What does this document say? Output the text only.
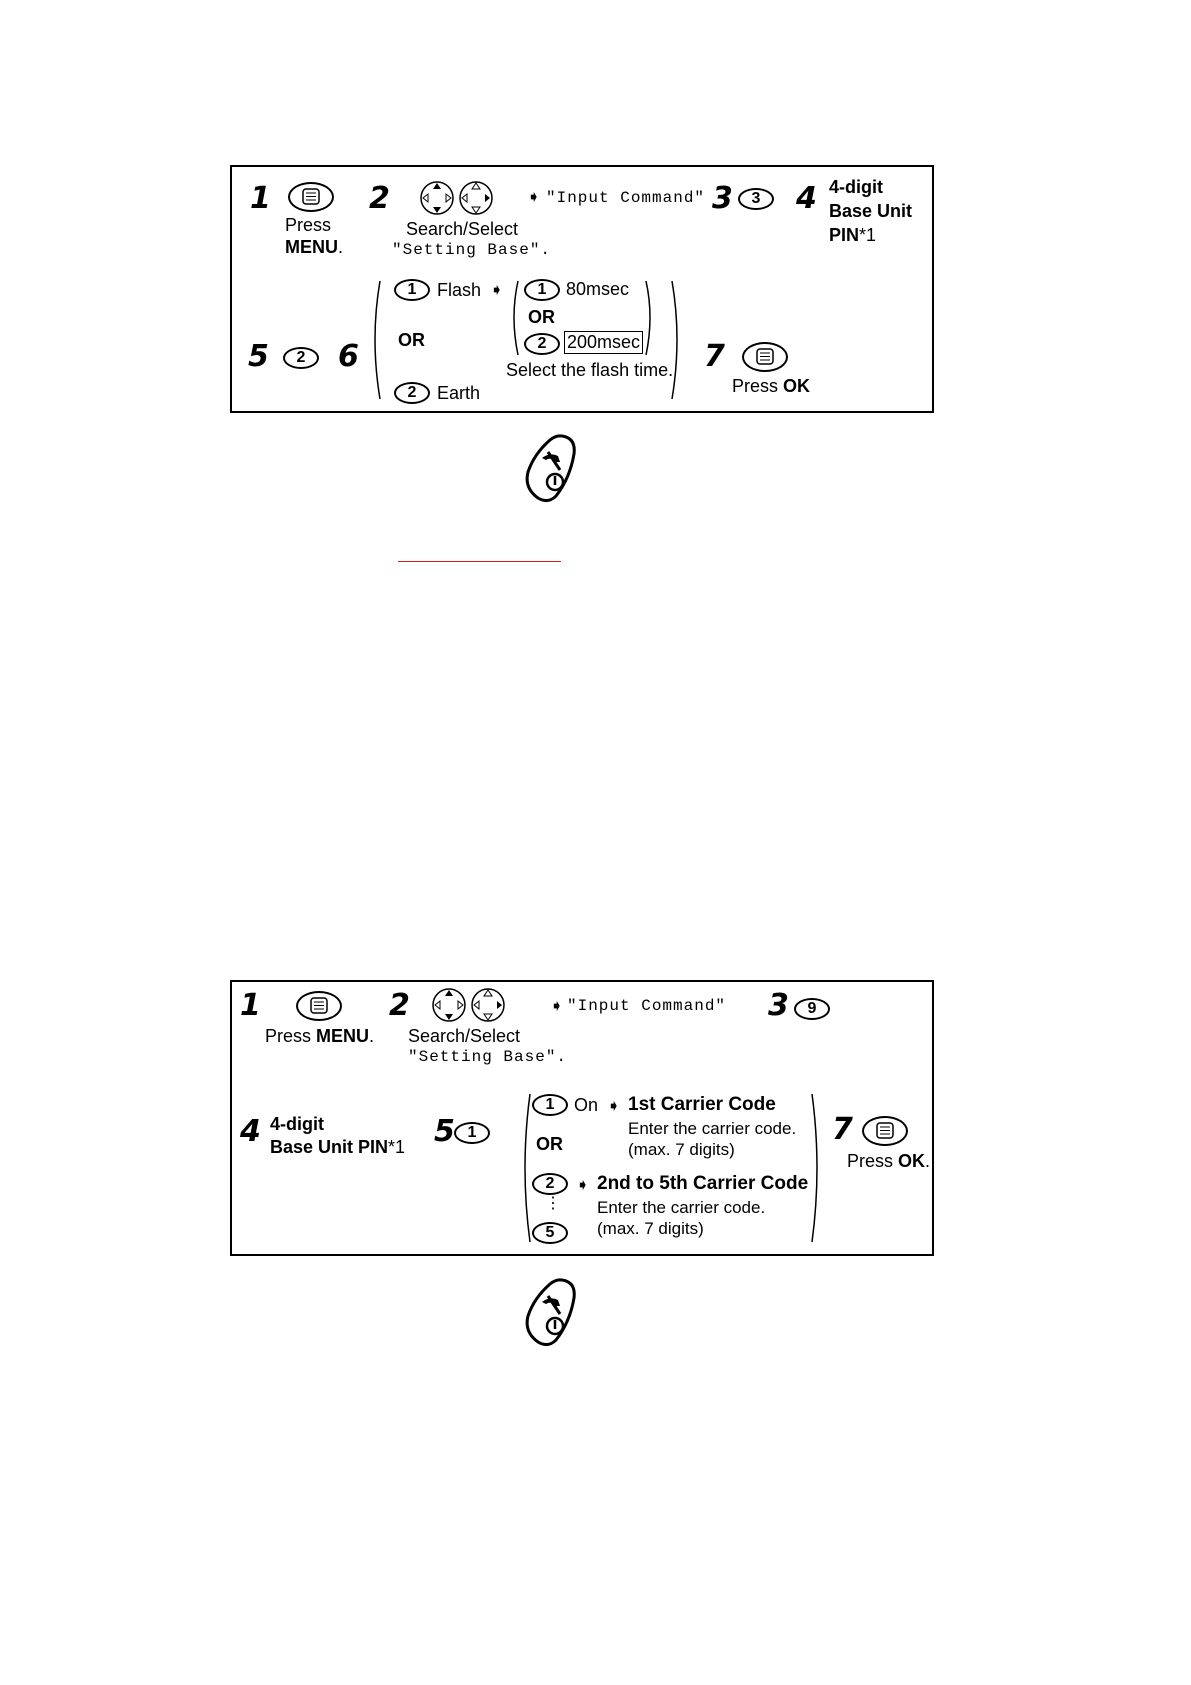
1
Press
MENU.
2
Search/Select
"Setting Base".
➧ "Input Command" 3	3	4 4-digit
Base Unit
PIN*1
5	2	6
1	Flash ➧
OR
2	Earth
1	80msec
OR
2	200msec
Select the flash time. 7
Press OK
1
Press MENU.
2
Search/Select
"Setting Base".
➧ "Input Command" 3	9
4 4-digit
Base Unit PIN*1 5 1
1	On ➧ 1st Carrier Code
Enter the carrier code.
(max. 7 digits)
OR
2
⋮
5
➧ 2nd to 5th Carrier Code
Enter the carrier code.
(max. 7 digits)
7
Press OK.
